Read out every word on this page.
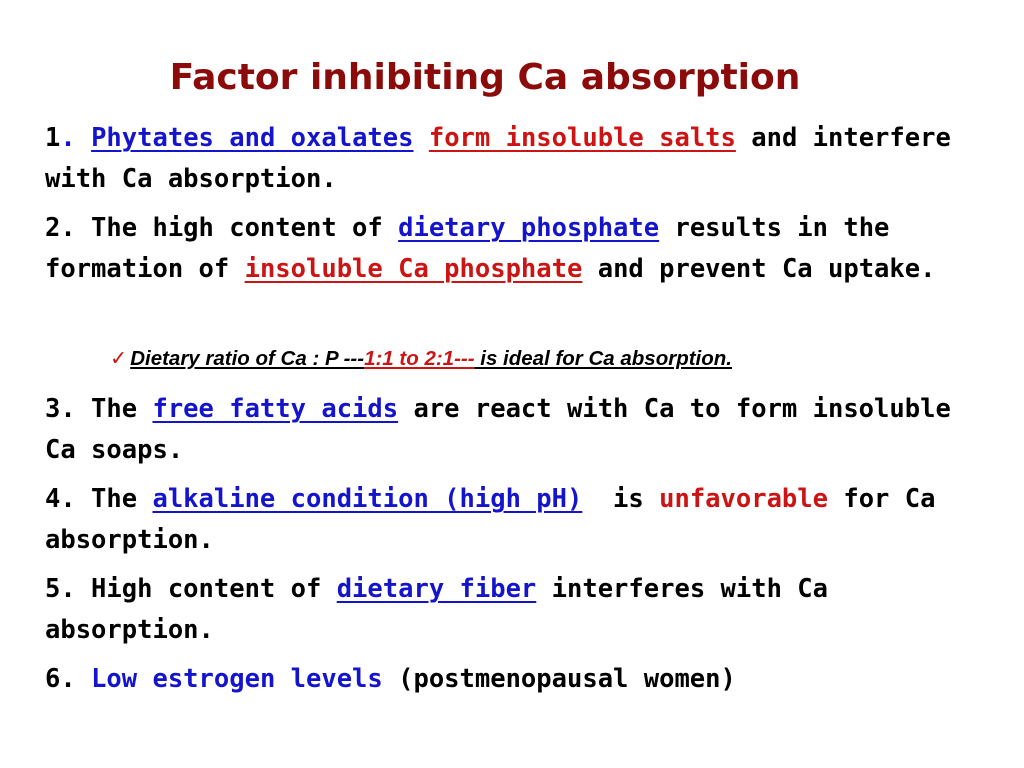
Factor inhibiting Ca absorption

1. Phytates and oxalates form insoluble salts and interfere with Ca absorption.

2. The high content of dietary phosphate results in the formation of insoluble Ca phosphate and prevent Ca uptake.

✓ Dietary ratio of Ca : P ---1:1 to 2:1--- is ideal for Ca absorption.

3. The free fatty acids are react with Ca to form insoluble Ca soaps.

4. The alkaline condition (high pH)  is unfavorable for Ca absorption.

5. High content of dietary fiber interferes with Ca absorption.

6. Low estrogen levels (postmenopausal women)
